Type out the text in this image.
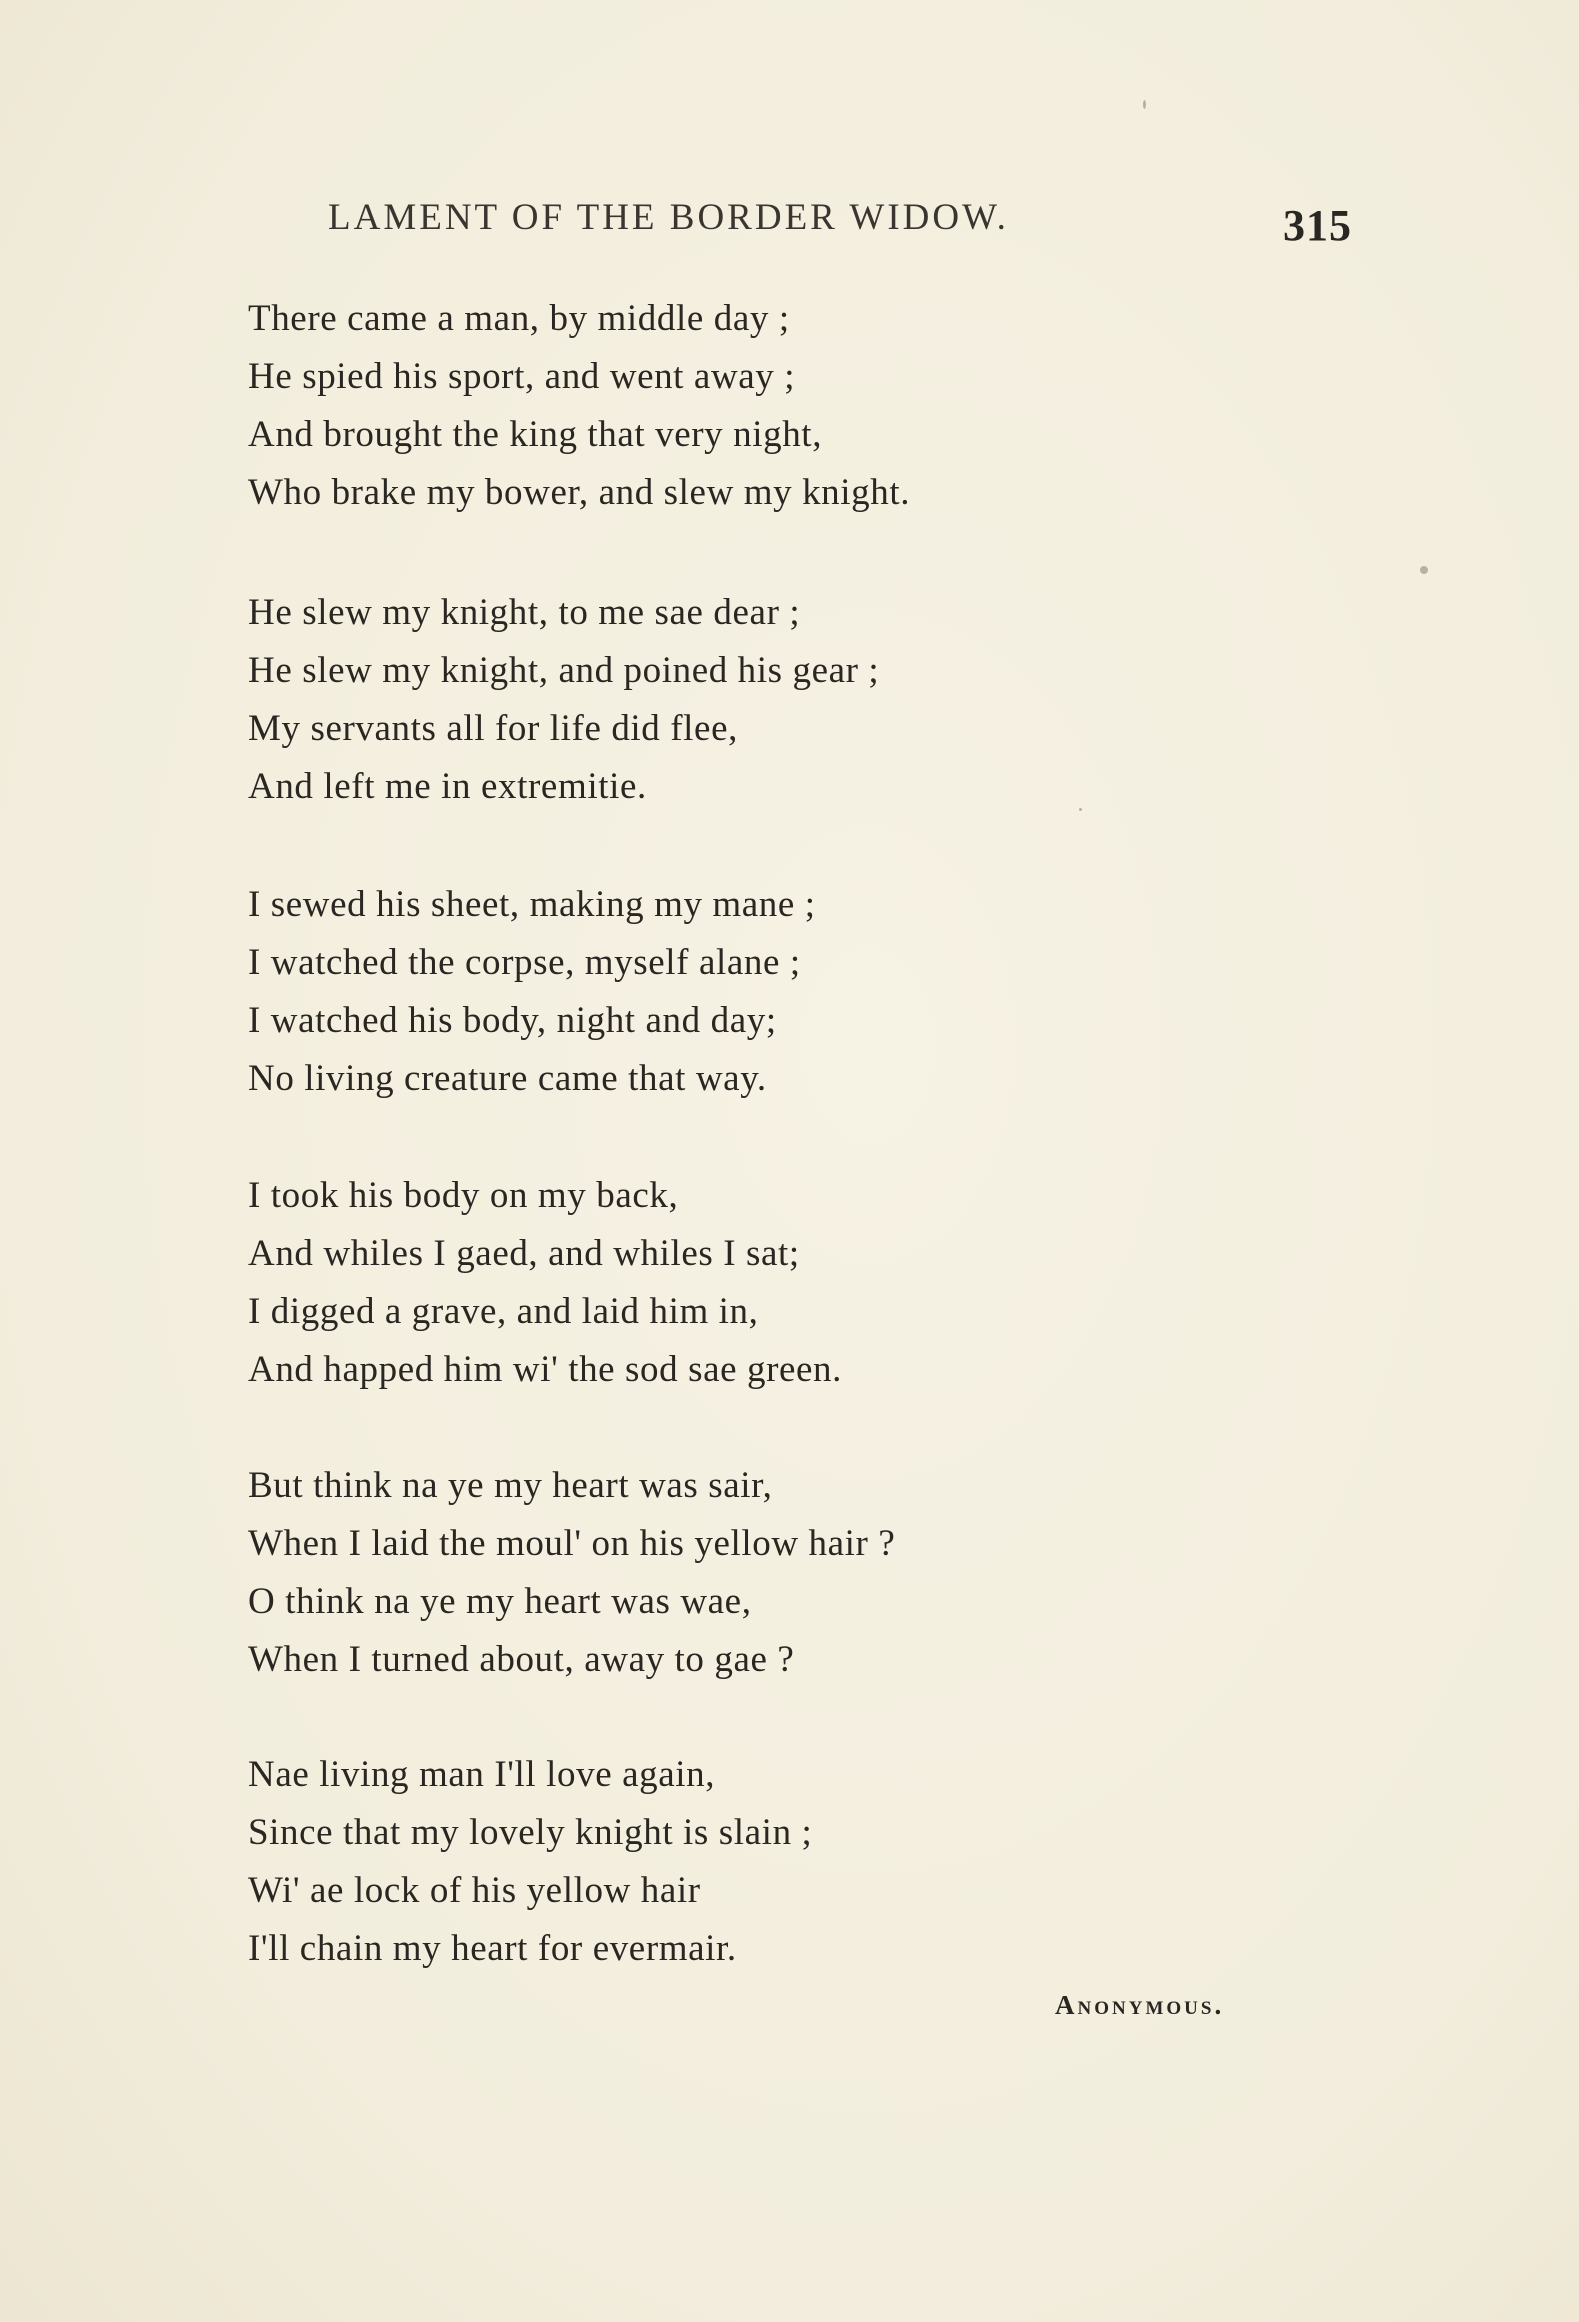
LAMENT OF THE BORDER WIDOW.	315
There came a man, by middle day ;
He spied his sport, and went away ;
And brought the king that very night,
Who brake my bower, and slew my knight.
He slew my knight, to me sae dear ;
He slew my knight, and poined his gear ;
My servants all for life did flee,
And left me in extremitie.
I sewed his sheet, making my mane ;
I watched the corpse, myself alane ;
I watched his body, night and day;
No living creature came that way.
I took his body on my back,
And whiles I gaed, and whiles I sat;
I digged a grave, and laid him in,
And happed him wi' the sod sae green.
But think na ye my heart was sair,
When I laid the moul' on his yellow hair ?
O think na ye my heart was wae,
When I turned about, away to gae ?
Nae living man I'll love again,
Since that my lovely knight is slain ;
Wi' ae lock of his yellow hair
I'll chain my heart for evermair.
Anonymous.
